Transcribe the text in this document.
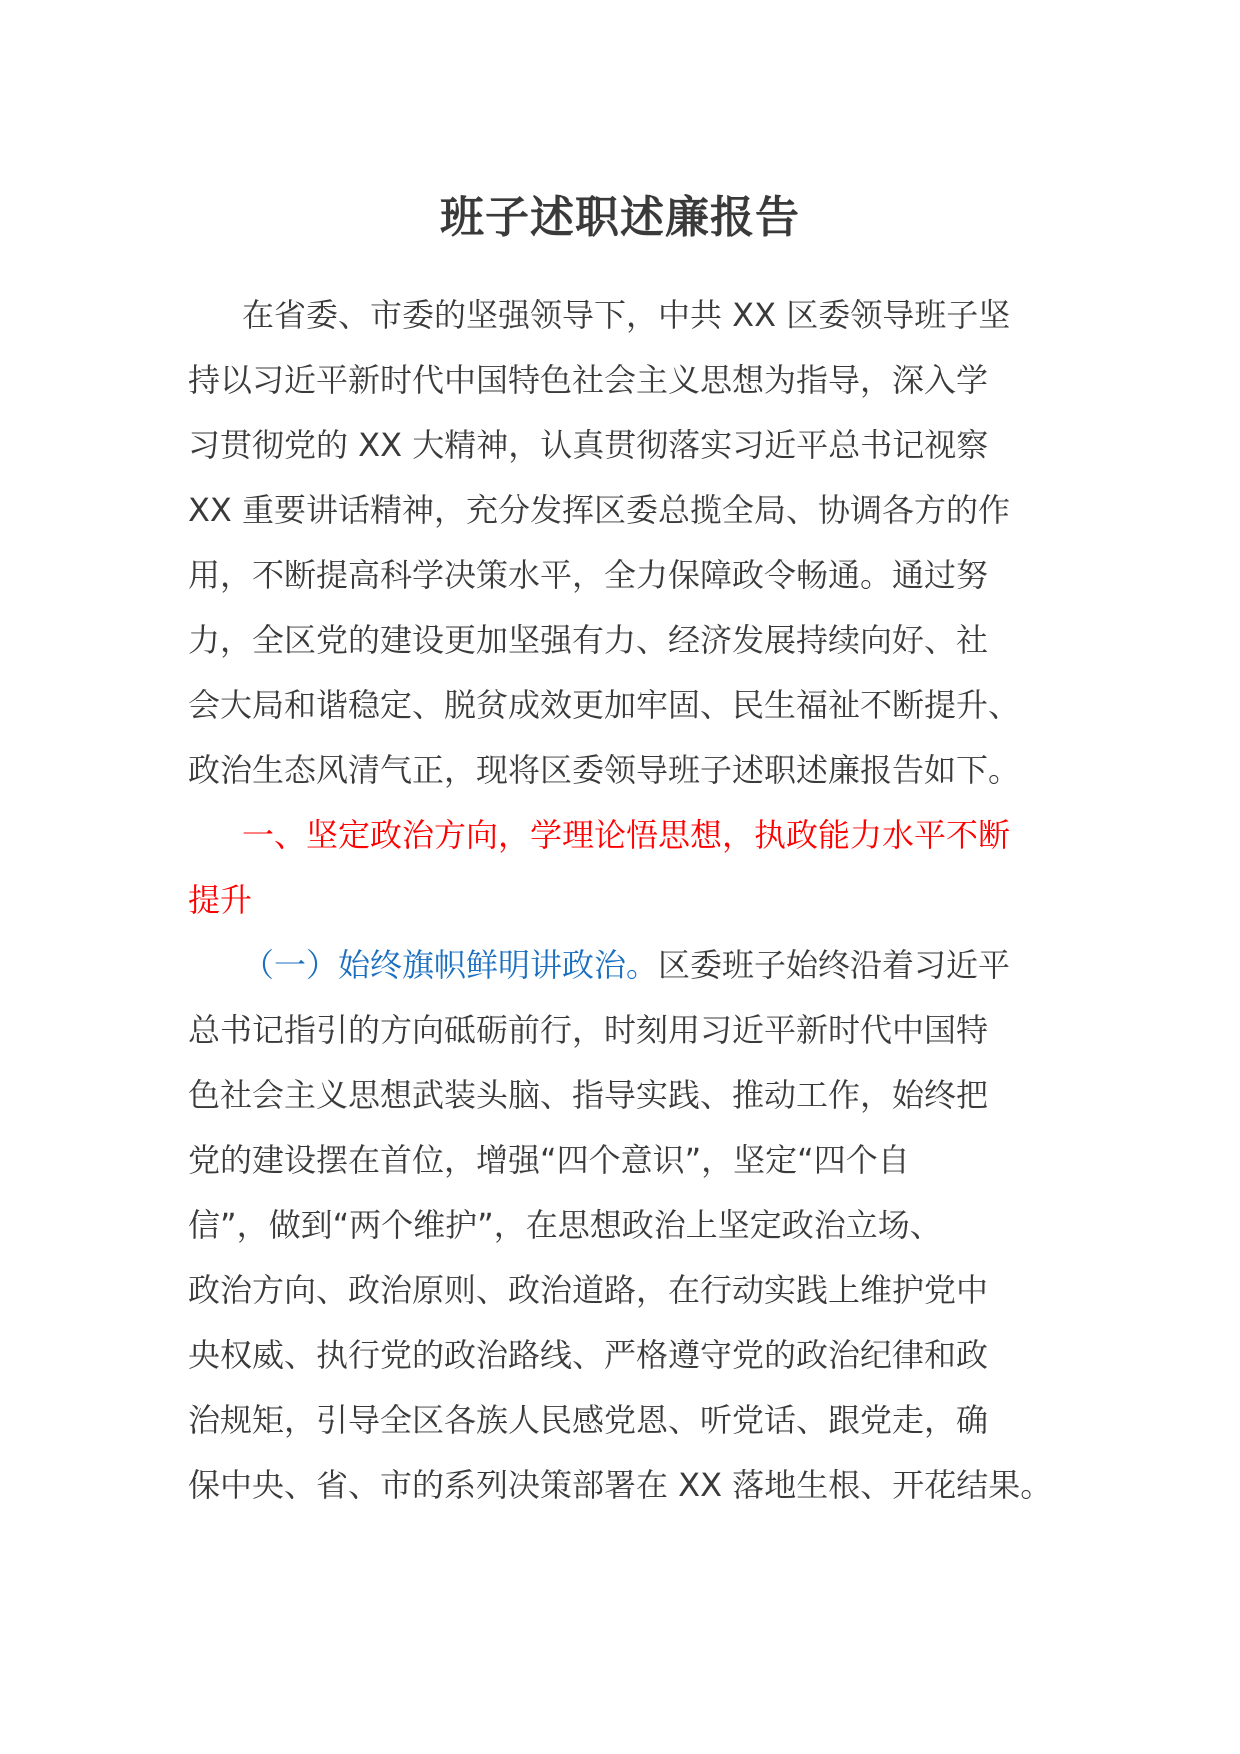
班子述职述廉报告
在省委、市委的坚强领导下，中共 XX 区委领导班子坚
持以习近平新时代中国特色社会主义思想为指导，深入学
习贯彻党的 XX 大精神，认真贯彻落实习近平总书记视察
XX 重要讲话精神，充分发挥区委总揽全局、协调各方的作
用，不断提高科学决策水平，全力保障政令畅通。通过努
力，全区党的建设更加坚强有力、经济发展持续向好、社
会大局和谐稳定、脱贫成效更加牢固、民生福祉不断提升、
政治生态风清气正，现将区委领导班子述职述廉报告如下。
一、坚定政治方向，学理论悟思想，执政能力水平不断
提升
（一）始终旗帜鲜明讲政治。区委班子始终沿着习近平
总书记指引的方向砥砺前行，时刻用习近平新时代中国特
色社会主义思想武装头脑、指导实践、推动工作，始终把
党的建设摆在首位，增强“四个意识”，坚定“四个自
信”，做到“两个维护”，在思想政治上坚定政治立场、
政治方向、政治原则、政治道路，在行动实践上维护党中
央权威、执行党的政治路线、严格遵守党的政治纪律和政
治规矩，引导全区各族人民感党恩、听党话、跟党走，确
保中央、省、市的系列决策部署在 XX 落地生根、开花结果。
